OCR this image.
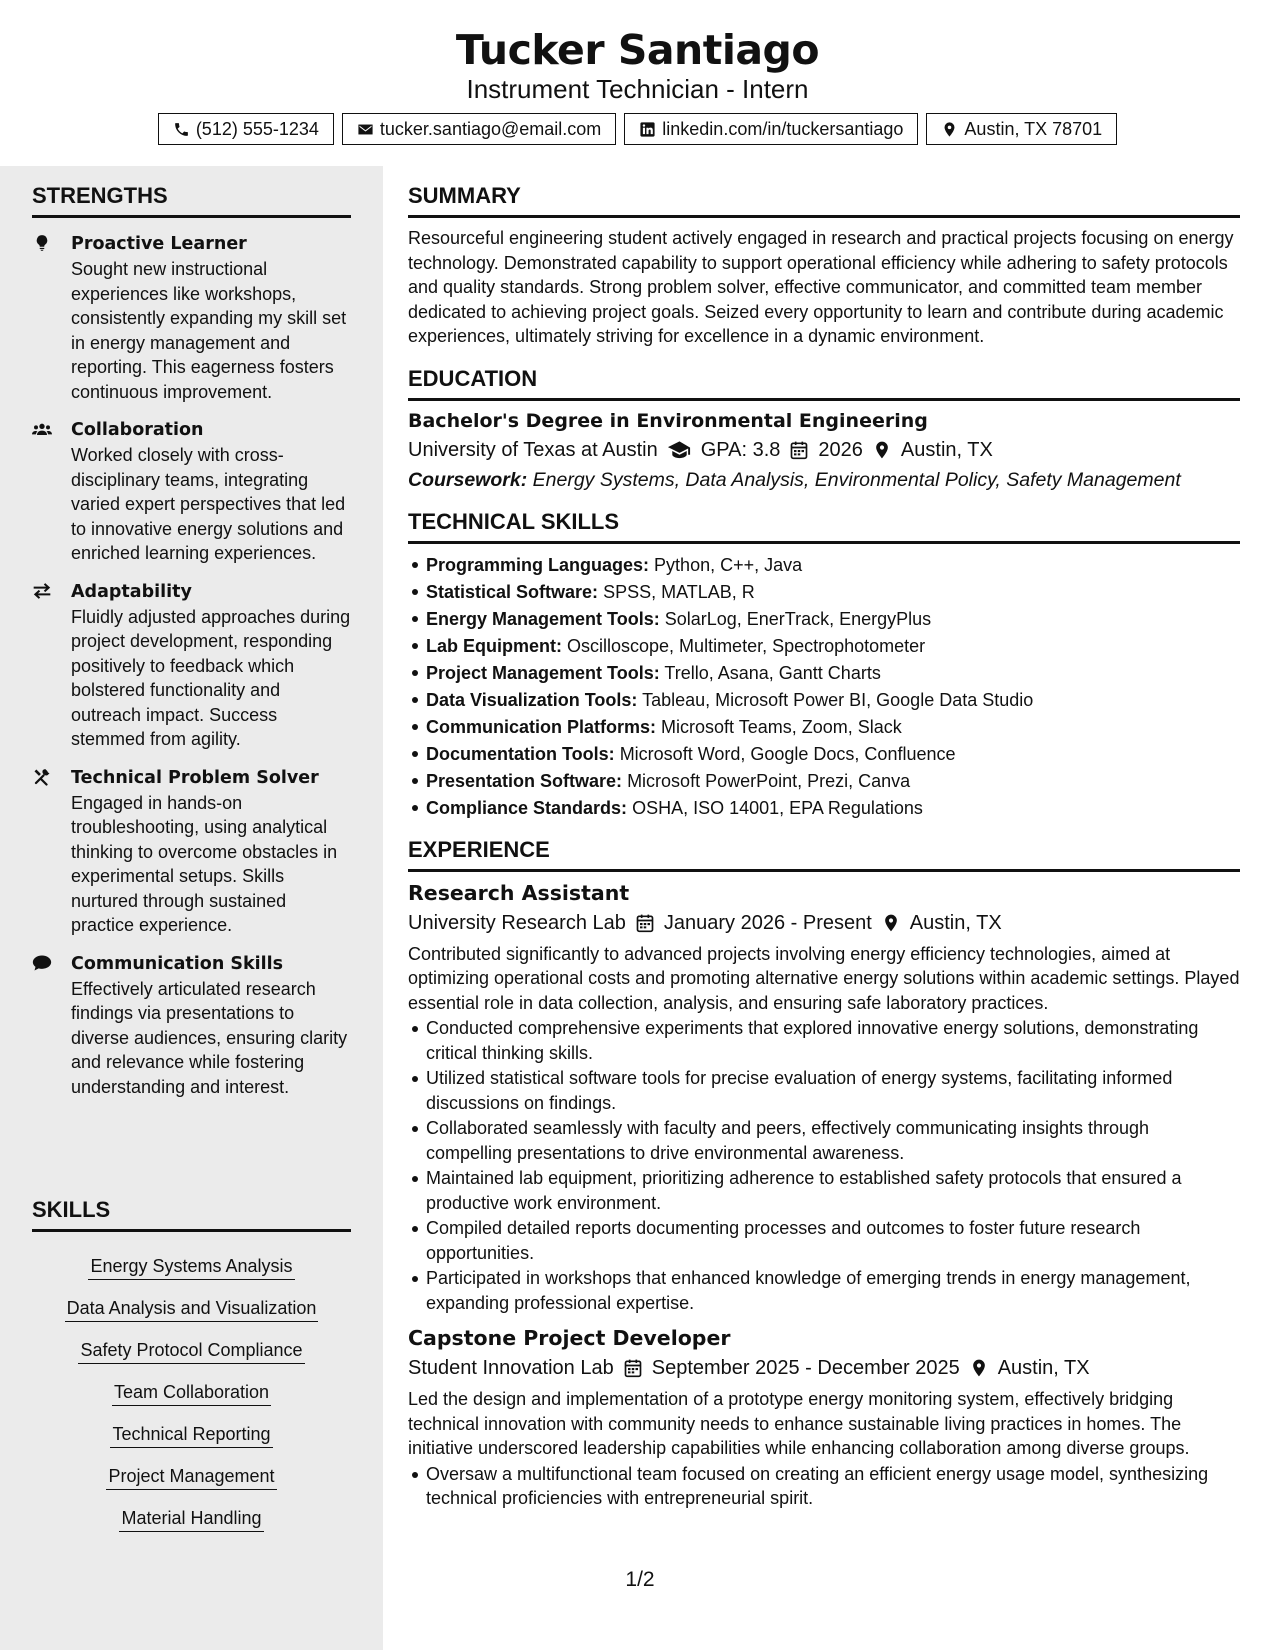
Tucker Santiago
Instrument Technician - Intern
(512) 555-1234	tucker.santiago@email.com	linkedin.com/in/tuckersantiago	Austin, TX 78701
STRENGTHS
Proactive Learner
Sought new instructional experiences like workshops, consistently expanding my skill set in energy management and reporting. This eagerness fosters continuous improvement.
Collaboration
Worked closely with cross-disciplinary teams, integrating varied expert perspectives that led to innovative energy solutions and enriched learning experiences.
Adaptability
Fluidly adjusted approaches during project development, responding positively to feedback which bolstered functionality and outreach impact. Success stemmed from agility.
Technical Problem Solver
Engaged in hands-on troubleshooting, using analytical thinking to overcome obstacles in experimental setups. Skills nurtured through sustained practice experience.
Communication Skills
Effectively articulated research findings via presentations to diverse audiences, ensuring clarity and relevance while fostering understanding and interest.
SKILLS
Energy Systems Analysis
Data Analysis and Visualization
Safety Protocol Compliance
Team Collaboration
Technical Reporting
Project Management
Material Handling
SUMMARY

Resourceful engineering student actively engaged in research and practical projects focusing on energy technology. Demonstrated capability to support operational efficiency while adhering to safety protocols and quality standards. Strong problem solver, effective communicator, and committed team member dedicated to achieving project goals. Seized every opportunity to learn and contribute during academic experiences, ultimately striving for excellence in a dynamic environment.

EDUCATION
Bachelor's Degree in Environmental Engineering
University of Texas at Austin GPA: 3.8 2026 Austin, TX
Coursework: Energy Systems, Data Analysis, Environmental Policy, Safety Management
TECHNICAL SKILLS
Programming Languages: Python, C++, Java
Statistical Software: SPSS, MATLAB, R
Energy Management Tools: SolarLog, EnerTrack, EnergyPlus
Lab Equipment: Oscilloscope, Multimeter, Spectrophotometer
Project Management Tools: Trello, Asana, Gantt Charts
Data Visualization Tools: Tableau, Microsoft Power BI, Google Data Studio
Communication Platforms: Microsoft Teams, Zoom, Slack
Documentation Tools: Microsoft Word, Google Docs, Confluence
Presentation Software: Microsoft PowerPoint, Prezi, Canva
Compliance Standards: OSHA, ISO 14001, EPA Regulations
EXPERIENCE
Research Assistant
University Research Lab January 2026 - Present Austin, TX

Contributed significantly to advanced projects involving energy efficiency technologies, aimed at optimizing operational costs and promoting alternative energy solutions within academic settings. Played essential role in data collection, analysis, and ensuring safe laboratory practices.

Conducted comprehensive experiments that explored innovative energy solutions, demonstrating critical thinking skills.
Utilized statistical software tools for precise evaluation of energy systems, facilitating informed discussions on findings.
Collaborated seamlessly with faculty and peers, effectively communicating insights through compelling presentations to drive environmental awareness.
Maintained lab equipment, prioritizing adherence to established safety protocols that ensured a productive work environment.
Compiled detailed reports documenting processes and outcomes to foster future research opportunities.
Participated in workshops that enhanced knowledge of emerging trends in energy management, expanding professional expertise.
Capstone Project Developer
Student Innovation Lab September 2025 - December 2025 Austin, TX

Led the design and implementation of a prototype energy monitoring system, effectively bridging technical innovation with community needs to enhance sustainable living practices in homes. The initiative underscored leadership capabilities while enhancing collaboration among diverse groups.

Oversaw a multifunctional team focused on creating an efficient energy usage model, synthesizing technical proficiencies with entrepreneurial spirit.
1/2
